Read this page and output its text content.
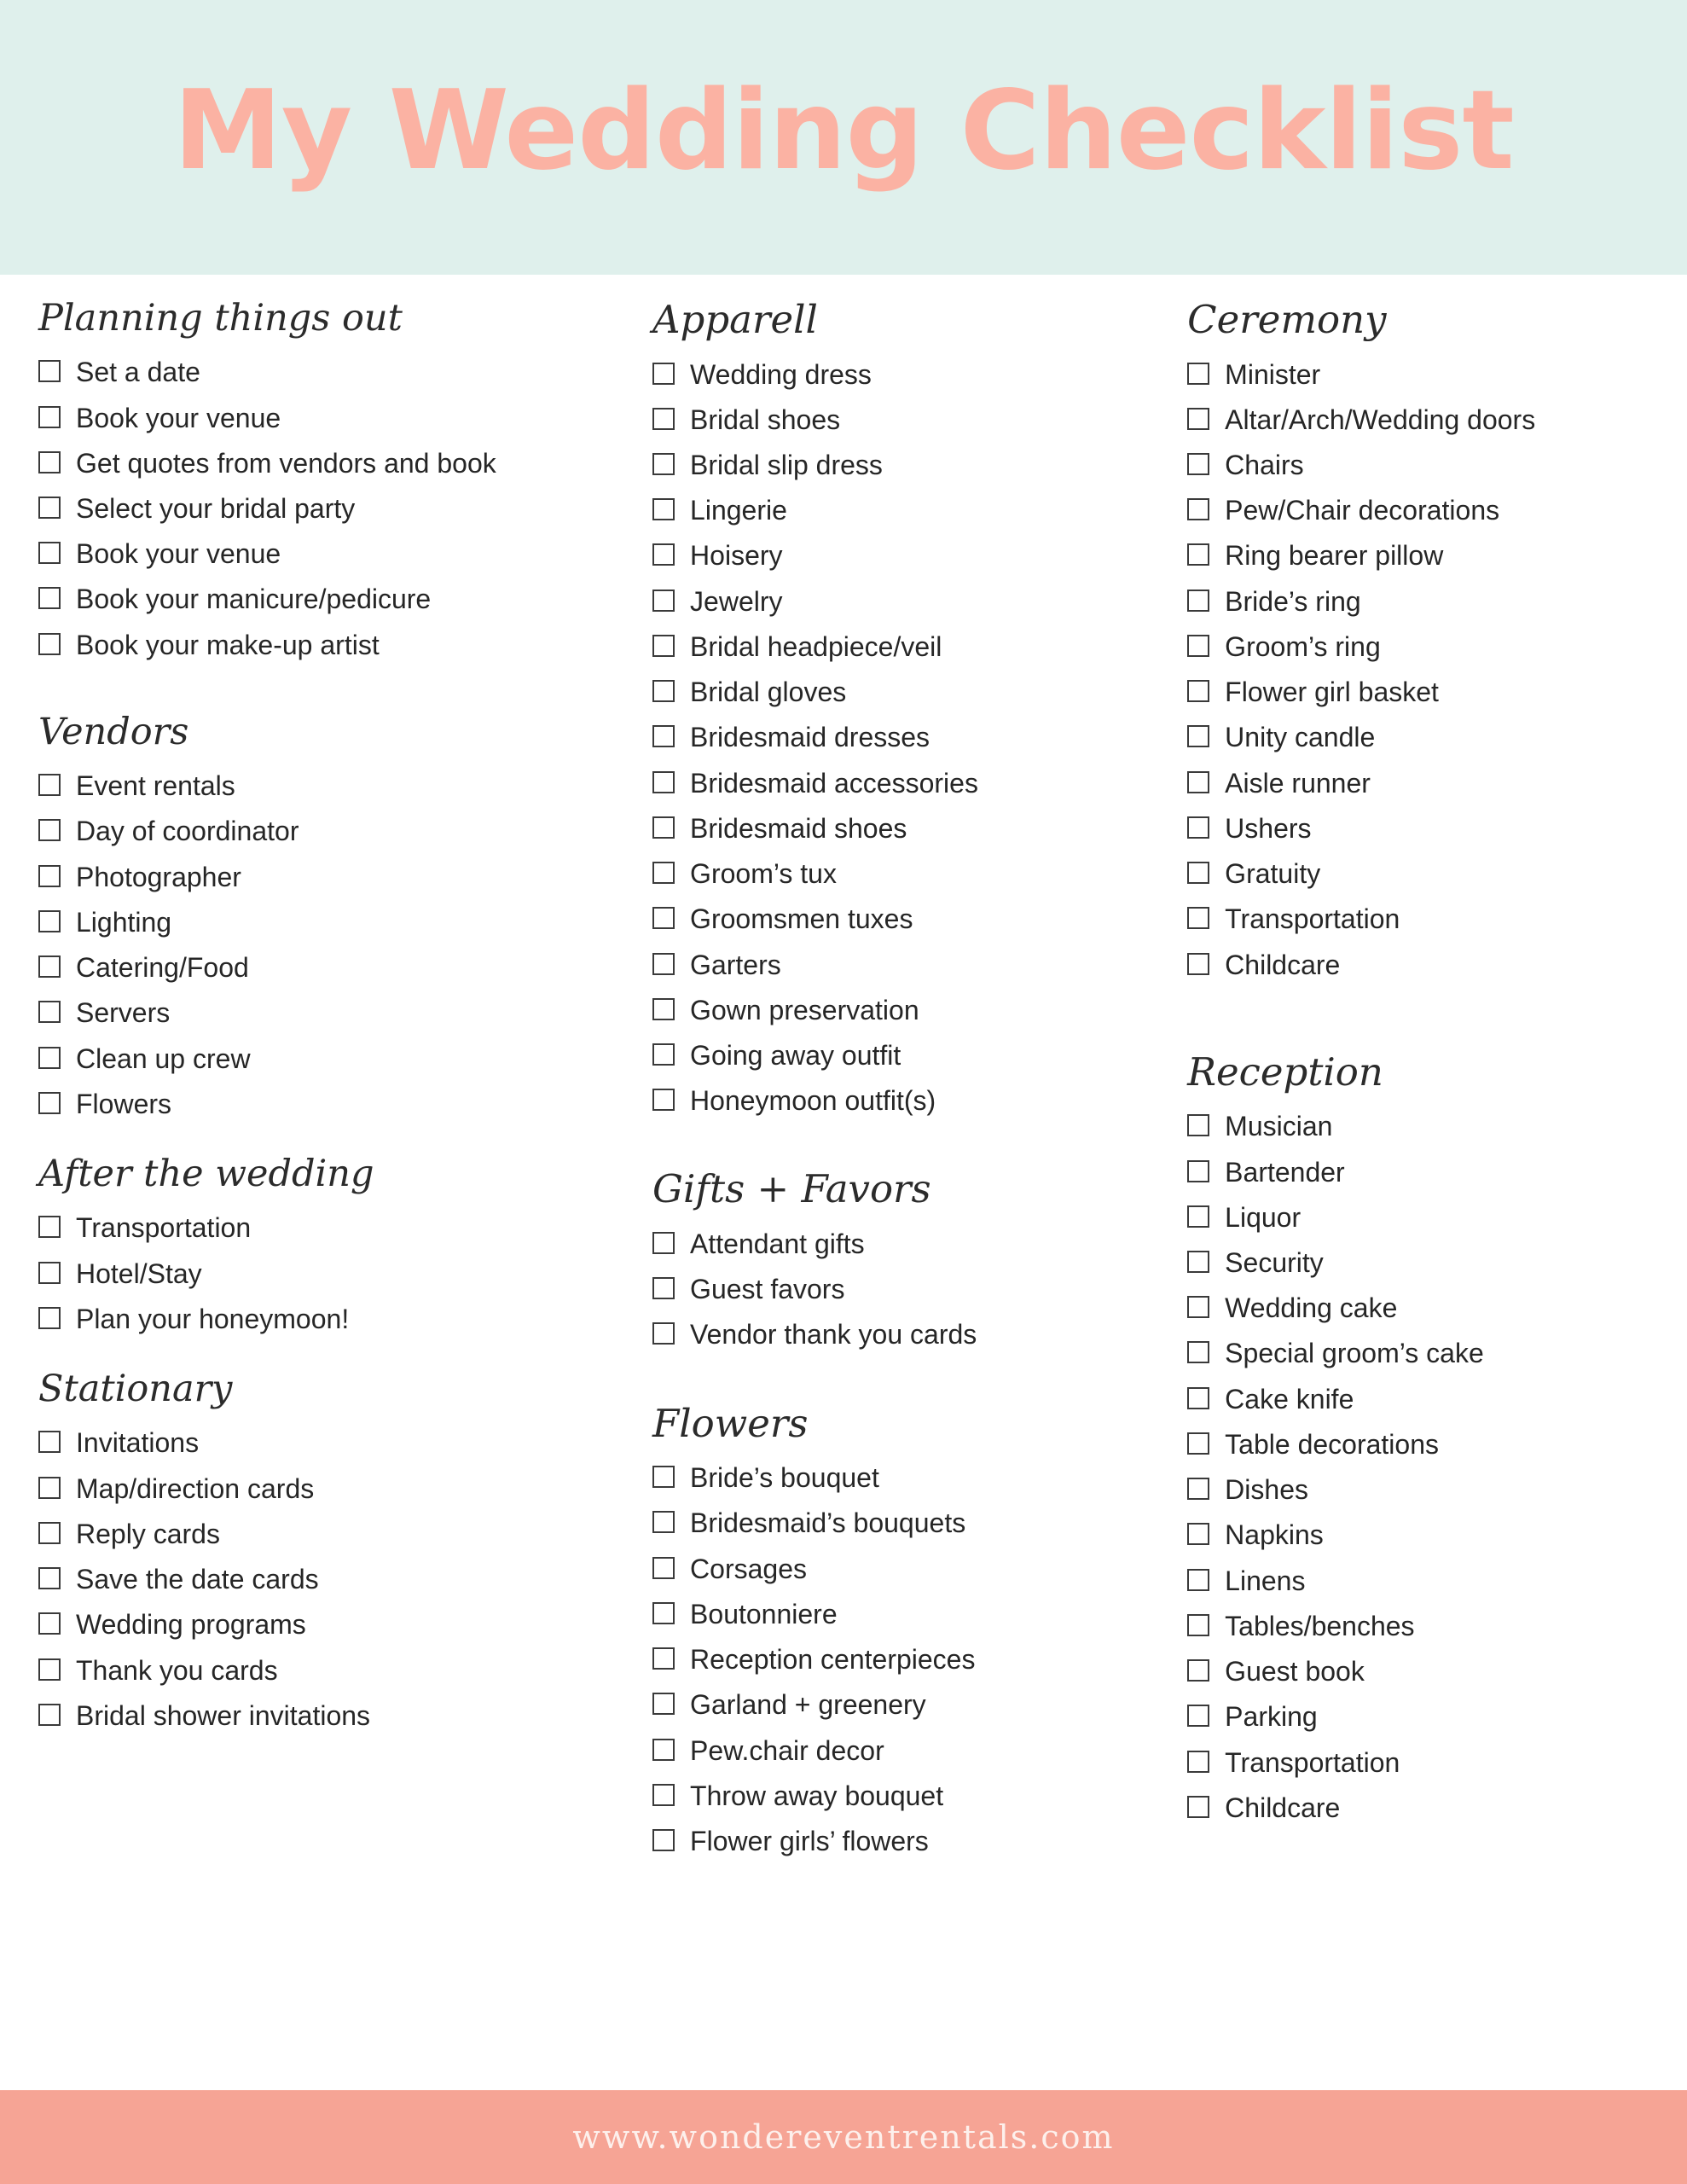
My Wedding Checklist
Planning things out
Set a date
Book your venue
Get quotes from vendors and book
Select your bridal party
Book your venue
Book your manicure/pedicure
Book your make-up artist
Vendors
Event rentals
Day of coordinator
Photographer
Lighting
Catering/Food
Servers
Clean up crew
Flowers
After the wedding
Transportation
Hotel/Stay
Plan your honeymoon!
Stationary
Invitations
Map/direction cards
Reply cards
Save the date cards
Wedding programs
Thank you cards
Bridal shower invitations
Apparell
Wedding dress
Bridal shoes
Bridal slip dress
Lingerie
Hoisery
Jewelry
Bridal headpiece/veil
Bridal gloves
Bridesmaid dresses
Bridesmaid accessories
Bridesmaid shoes
Groom’s tux
Groomsmen tuxes
Garters
Gown preservation
Going away outfit
Honeymoon outfit(s)
Gifts + Favors
Attendant gifts
Guest favors
Vendor thank you cards
Flowers
Bride’s bouquet
Bridesmaid’s bouquets
Corsages
Boutonniere
Reception centerpieces
Garland + greenery
Pew.chair decor
Throw away bouquet
Flower girls’ flowers
Ceremony
Minister
Altar/Arch/Wedding doors
Chairs
Pew/Chair decorations
Ring bearer pillow
Bride’s ring
Groom’s ring
Flower girl basket
Unity candle
Aisle runner
Ushers
Gratuity
Transportation
Childcare
Reception
Musician
Bartender
Liquor
Security
Wedding cake
Special groom’s cake
Cake knife
Table decorations
Dishes
Napkins
Linens
Tables/benches
Guest book
Parking
Transportation
Childcare
www.wondereventrentals.com
